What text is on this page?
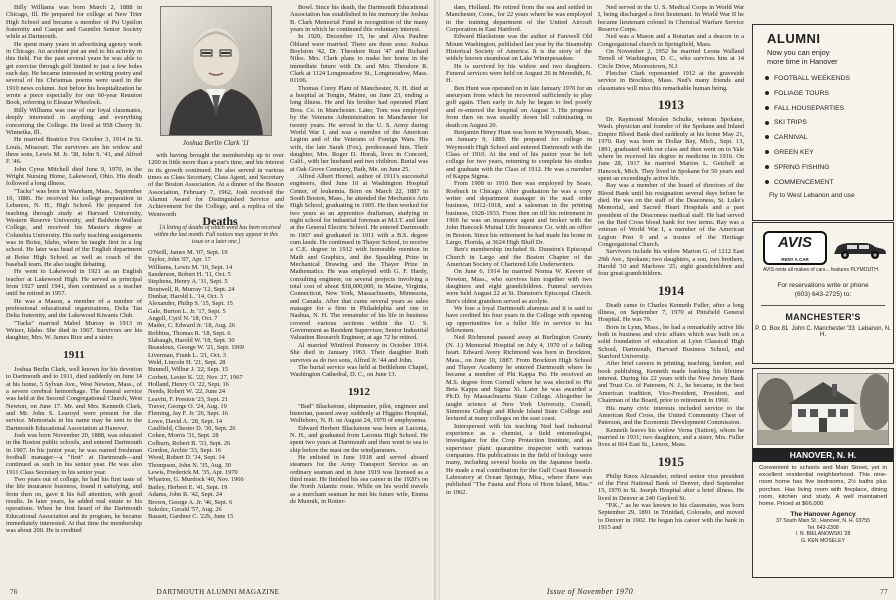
Billy Williams was born March 2, 1888 in Chicago, Ill. He prepared for college at New Trier High School and became a member of Psi Upsilon fraternity and Casque and Gauntlet Senior Society while at Dartmouth.

He spent many years in advertising agency work in Chicago. An accident put an end to his activity in this field. For the past several years he was able to get exercise through golf limited to just a few holes each day. He became interested in writing poetry and several of his Christmas poems were used in the 1910 news column. Just before his hospitalization he wrote a piece especially for our 60-year Reunion Book, referring to Eleazar Wheelock.

Billy Williams was one of our loyal classmates, deeply interested in anything and everything concerning the College. He lived at 958 Cherry St. Winnetka, Ill.

He married Beatrice Fox October 3, 1914 in St. Louis, Missouri. The survivors are his widow and three sons, Lewis M. Jr. '38, John S. '41, and Alfred F. '46.

John Cyrus Mitchell died June 9, 1970, in the Wright Nursing Home, Lakewood, Ohio. His death followed a long illness.

"Tacks" was born in Wareham, Mass., September 10, 1886. He received his college preparation in Lebanon, N. H., High School. He prepared for teaching through study at Harvard University, Western Reserve University, and Baldwin-Wallace College, and received his Master's degree at Columbia University. His early teaching assignments was in Boise, Idaho, where he taught first in a log school. He later was head of the English department at Boise High School as well as coach of the baseball team. He also taught debating.

He went to Lakewood in 1921 as an English teacher at Lakewood High. He served as principal from 1927 until 1941, then continued as a teacher until he retired in 1957.

He was a Mason, a member of a number of professional educational organizations, Delta Tau Delta fraternity, and the Lakewood Kiwanis Club.

"Tacks" married Mabel Murray in 1913 in Weiser, Idaho. She died in 1967. Survivors are his daughter, Mrs. W. James Rice and a sister.

1911

Joshua Berlin Clark, well known for his devotion to Dartmouth and to 1911, died suddenly on June 14 at his home, 5 Sylvan Ave., West Newton, Mass., of a severe cerebral hemorrhage. The funeral service was held at the Second Congregational Church, West Newton, on June 17. Mr. and Mrs. Kenneth Clark, and Mr. John S. Learoyd were present for the service. Memorials in his name may be sent to the Dartmouth Educational Association at Hanover.

Josh was born November 20, 1888, was educated in the Boston public schools, and entered Dartmouth in 1907. In his junior year, he was named freshman football manager—a "first" at Dartmouth—and continued as such in his senior year. He was also 1911 Class Secretary in his senior year.

Two years out of college, he had his first taste of the life insurance business, found it satisfying, and from then on, gave it his full attention, with good results. In later years, he added real estate to his operations. When he first heard of the Dartmouth Educational Association and its program, he became immediately interested. At that time the membership was about 200. He is credited

Joshua Berlin Clark '11

with having brought the membership up to over 1200 in little more than a year's time, and his interest in its growth continued. He also served in various times as Class Secretary, Class Agent, and Secretary of the Boston Association. At a dinner of the Boston Association, February 7, 1962, Josh received the Alumni Award for Distinguished Service and Achievement for the College, and a replica of the Wentworth	Deaths

[A listing of deaths of which word has been received within the last month. Full notices may appear in this issue or a later one.]

O'Neill, James M. '07, Sept. 19
Taylor, John '07, Apr. 17
Williams, Lewis M. '10, Sept. 14
Sanderson, Robert H. '11, Oct. 5
Stephens, Henry A. '11, Sept. 5
Boutwell, R. Murray '12, Sept. 24
Dunbar, Harold L. '14, Oct. 3
Alexander, Philip S. '15, Sept. 15
Gale, Burton L. Jr. '17, Sept. 5
Angell, Cyril N. '18, Oct. 7
Mader, C. Edward Jr. '18, Aug. 26
Robbins, Thomas R. '18, Sept. 6
Slabaugh, Harold W. '18, Sept. 30
Beaudoux, George W. '21, Sept. 1969
Liverman, Frank L. '21, Oct. 3
Weld, Lincoln H. '21, Sept. 28
Bunnell, Wilbur J. '22, Sept. 15
Corbett, Lester K. '22, Nov. 27, 1967
Holland, Henry O. '22, Sept. 16
Needs, Robert W. '22, June 24
Leavitt, F. Preston '23, Sept. 21
Traver, George O. '24, Aug. 19
Fleming, Jay F. Jr. '26, Sept. 16
Lowe, David A. '28, Sept. 14
Caulfield, Chester D. '30, Sept. 26
Cohen, Morris '31, Sept. 28
Colburn, Robert B. '33, Sept. 26
Gordon, Archie '33, Sept. 16
Wood, Robert D. '34, Sept. 14
Thompson, John N. '35, Aug. 30
Lewis, Frederick M. '35, Apr. 1970
Wharton, G. Murdock '40, Nov. 1966
Bailey, Herbert E. '41, Sept. 19
Adams, John R. '42, Sept. 24
Brown, George A. Jr. '46, Sept. 6
Sokolec, Gerald '57, Aug. 26
Bassett, Gardner C. '22b, June 15

Bowl. Since his death, the Dartmouth Educational Association has established in his memory the Joshua B. Clark Memorial Fund in recognition of the many years in which he continued this voluntary interest.

In 1920, December 15, he and Alva Pauline Öhlund were married. There are three sons: Joshua Boylston '42, Dr. Theodore Rust '47 and Richard Niles. Mrs. Clark plans to make her home in the immediate future with Dr. and Mrs. Theodore R. Clark at 1124 Longmeadow St., Longmeadow, Mass. 01106.

Thomas Corey Plant of Manchester, N. H. died at a hospital at Tongin, Maine, on June 23, ending a long illness. He and his brother had operated Plant Bros. Co. in Manchester. Later, Tom was employed by the Veterans Administration in Manchester for twenty years. He served in the U. S. Army during World War I, and was a member of the American Legion and of the Veterans of Foreign Wars. His wife, the late Sarah (Fox), predeceased him. Their daughter, Mrs. Roger D. Horak, lives in Concord, Calif., with her husband and two children. Burial was at Oak Grove Cemetery, Bath, Me. on June 25.

Alfred Albert Hornel, author of 1911's successful engineers, died June 10 at Washington Hospital Center, of leukemia. Born on March 22, 1887 in South Boston, Mass., he attended the Mechanics Arts High School, graduating in 1905. He then worked for two years as an apprentice draftsman, studying in night school for industrial foreman at M.I.T. and later at the General Electric School. He entered Dartmouth in 1907 and graduated in 1911 with a B.S. degree cum laude. He continued in Thayer School, to receive a C.E. degree in 1912 with honorable mention in Math and Graphics, and the Spaulding Prize in Mechanical Drawing and the Thayer Prize in Mathematics. He was employed with G. F. Hardy, consulting engineer, on several projects involving a total cost of about $18,000,000, in Maine, Virginia, Connecticut, New York, Massachusetts, Minnesota, and Canada. After that came several years as sales manager for a firm in Philadelphia and one in Nashua, N. H. The remainder of his life in business covered various sections within the U. S. Government as Resident Supervisor, Senior Industrial Valuation Research Engineer, at age 72 he retired.

Al married Winifred Pomeroy in October 1914. She died in January 1963. Their daughter Ruth survives as do two sons, Alfred Jr. '44 and John.

The burial service was held at Bethlehem Chapel, Washington Cathedral, D. C., on June 13.

1912

"Bud" Blackstone, shipmaster, pilot, engineer and historian, passed away suddenly at Higgins Hospital, Wolfeboro, N. H. on August 24, 1970 of emphysema.

Edward Herbert Blackstone was born at Laconia, N. H., and graduated from Laconia High School. He spent two years at Dartmouth and then went to sea to ship before the mast on the windjammers.

He enlisted in June 1918 and served aboard steamers for the Army Transport Service as an ordinary seaman and in June 1919 was licensed as a third mate. He finished his sea career in the 1920's on the North Atlantic route. While on his world travels as a merchant seaman he met his future wife, Emma de Munnik, in Rotter-

76	DARTMOUTH ALUMNI MAGAZINE

dam, Holland. He retired from the sea and settled in Manchester, Conn., for 22 years where he was employed in the training department of the United Aircraft Corporation in East Hartford.

Edward Blackstone was the author of Farewell Old Mount Washington, published last year by the Steamship Historical Society of America. It is the story of the widely known steamboat on Lake Winnipesaukee.

He is survived by his widow and two daughters. Funeral services were held on August 26 in Meredith, N. H.

Ben Hunt was operated on in late January 1970 for an aneurysm from which he recovered sufficiently to play golf again. Then early in July he began to feel poorly and re-entered the hospital on August 3. His progress from then on was steadily down hill culminating in death on August 20.

Benjamin Henry Hunt was born in Weymouth, Mass., on January 9, 1889. He prepared for college in Weymouth High School and entered Dartmouth with the Class of 1910. At the end of his junior year he left college for two years, returning to complete his studies and graduate with the Class of 1912. He was a member of Kappa Sigma.

From 1908 to 1910 Ben was employed by Sears, Roebuck in Chicago. After graduation he was a copy writer and department manager in the mail order business, 1912-1918, and a salesman in the printing business, 1928-1933. From then on till his retirement in 1966 he was an insurance agent and broker with the John Hancock Mutual Life Insurance Co. with an office in Boston. Since his retirement he had made his home in Largo, Florida, at 3624 High Bluff Dr.

Ben's membership included St. Dunston's Episcopal Church in Largo and the Boston Chapter of the American Society of Chartered Life Underwriters.

On June 6, 1914 he married Norma W. Keever of Newton, Mass., who survives him together with two daughters and eight grandchildren. Funeral services were held August 22 at St. Dunston's Episcopal Church. Ben's oldest grandson served as acolyte.

We lose a loyal Dartmouth alumnus and it is said to have credited his four years in the College with opening up opportunities for a fuller life in service to his fellowmen.

Ned Richmond passed away at Burlington County (N. J.) Memorial Hospital on July 4, 1970 of a failing heart. Edward Avery Richmond was born in Brockton, Mass., on June 10, 1887. From Brockton High School and Thayer Academy he entered Dartmouth where he became a member of Phi Kappa Psi. He received an M.S. degree from Cornell where he was elected to Phi Beta Kappa and Sigma Xi. Later he was awarded a Ph.D. by Massachusetts State College. Altogether he taught science at New York University, Cornell, Simmons College and Rhode Island State College and lectured at many colleges on the east coast.

Interspersed with his teaching Ned had industrial experience as a chemist, a field entomologist, investigator for the Crop Protection Institute, and as supervisor plant quarantine inspector with various companies. His publications in the field of biology were many, including several books on the Japanese beetle. He made a real contribution for the Gulf Coast Research Laboratory at Ocean Springs, Miss., where there was published "The Fauna and Flora of Horn Island, Miss." in 1962.

Ned served in the U. S. Medical Corps in World War I, being discharged a first lieutenant. In World War II he became lieutenant colonel in Chemical Warfare Service Reserve Corps.

Ned was a Mason and a Rotarian and a deacon in a Congregational church in Springfield, Mass.

On November 2, 1952 he married Leona Walland Terrell of Washington, D. C., who survives him at 14 Circle Drive, Moorestown, N.J.

Fletcher Clark represented 1912 at the graveside service in Brockton, Mass. Ned's many friends and classmates will miss this remarkable human being.

1913

Dr. Raymond Moralee Schulte, veteran Spokane, Wash. physician and founder of the Spokane and Inland Empire Blood Bank died suddenly at his home May 21, 1970. Ray was born in Dollar Bay, Mich., Sept. 13, 1891, graduated with our class and then went on to Yale where he received his degree in medicine in 1916. On June 28, 1917 he married Marion L. Getchell at Hancock, Mich. They lived in Spokane for 50 years and spent an exceedingly active life.

Ray was a member of the board of directors of the Blood Bank until his resignation several days before he died. He was on the staff of the Deaconess, St. Luke's Memorial, and Sacred Heart Hospitals and a past president of the Deaconess medical staff. He had served on the Red Cross blood bank for two terms. Ray was a veteran of World War I, a member of the American Legion Post 9 and a trustee of the Heritage Congregational Church.

Survivors include his widow Marion G. of 1212 East 29th Ave., Spokane; two daughters, a son, two brothers, Harold '10 and Marlowe '25; eight grandchildren and four great-grandchildren.

1914

Death came to Charles Kenneth Fuller, after a long illness, on September 7, 1970 at Pittsfield General Hospital. He was 79.

Born in Lynn, Mass., he had a remarkably active life both in business and civic affairs which was built on a solid foundation of education at Lynn Classical High School, Dartmouth, Harvard Business School, and Stanford University.

After brief careers in printing, teaching, lumber, and book publishing, Kenneth made banking his lifetime interest. During his 22 years with the New Jersey Bank and Trust Co. of Paterson, N. J., he became, in the best American tradition, Vice-President, President, and Chairman of the Board, prior to retirement in 1960.

His many civic interests included service to the American Red Cross, the United Community Chest of Paterson, and the Economic Development Commission.

Kenneth leaves his widow Verna (Sutton), whom he married in 1931; two daughters, and a sister, Mrs. Fuller lives at 664 East St., Lenox, Mass.

1915

Philip Knox Alexander, retired senior vice president of the First National Bank of Denver, died September 15, 1970 in St. Joseph Hospital after a brief illness. He lived in Denver at 240 Gaylord St.

"P.K.," as he was known to his classmates, was born September 29, 1891 in Trinidad, Colorado, and moved to Denver in 1902. He began his career with the bank in 1915 and

Issue of November 1970	77
ALUMNI
Now you can enjoy
more time in Hanover
FOOTBALL WEEKENDS
FOLIAGE TOURS
FALL HOUSEPARTIES
SKI TRIPS
CARNIVAL
GREEN KEY
SPRING FISHING
COMMENCEMENT
Fly to West Lebanon and use
AVIS
RENT A CAR
AVIS rents all makes of cars... features PLYMOUTH.
For reservations write or phone
(603) 643-2725) to:
MANCHESTER'S
P. O. Box 81 John C. Manchester '33 Lebanon, N. H.
HANOVER, N. H.
Convenient to schools and Main Street, yet in excellent residential neighborhood. This nine-room home has five bedrooms, 2½ baths plus porches. Has living room with fireplace, dining room, kitchen and study. A well maintained home. Priced at $66,000.
The Hanover Agency
37 South Main St., Hanover, N. H. 03755
Tel. 643-2308
I. N. BIELANOWSKI '28
G. KEN MOSELEY
